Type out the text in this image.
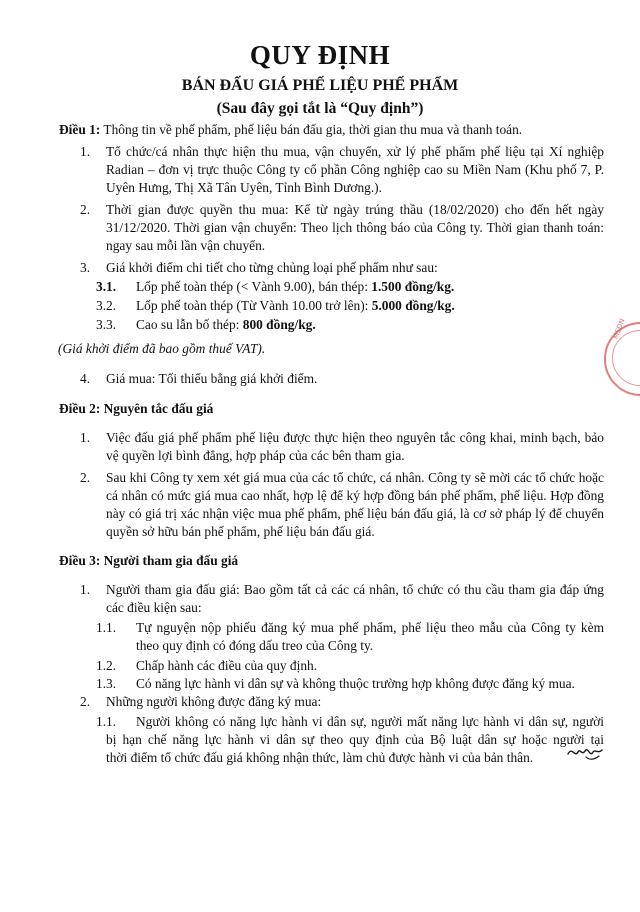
QUY ĐỊNH
BÁN ĐẤU GIÁ PHẾ LIỆU PHẾ PHẨM
(Sau đây gọi tắt là “Quy định”)
Điều 1: Thông tin về phế phẩm, phế liệu bán đấu gia, thời gian thu mua và thanh toán.
1. Tổ chức/cá nhân thực hiện thu mua, vận chuyển, xử lý phế phẩm phế liệu tại Xí nghiệp
Radian – đơn vị trực thuộc Công ty cổ phần Công nghiệp cao su Miền Nam (Khu phố 7, P.
Uyên Hưng, Thị Xã Tân Uyên, Tỉnh Bình Dương.).
2. Thời gian được quyền thu mua: Kể từ ngày trúng thầu (18/02/2020) cho đến hết ngày
31/12/2020. Thời gian vận chuyển: Theo lịch thông báo của Công ty. Thời gian thanh toán:
ngay sau mỗi lần vận chuyển.
3. Giá khởi điểm chi tiết cho từng chủng loại phế phẩm như sau:
3.1. Lốp phế toàn thép (< Vành 9.00), bán thép: 1.500 đồng/kg.
3.2. Lốp phế toàn thép (Từ Vành 10.00 trở lên): 5.000 đồng/kg.
3.3. Cao su lẫn bố thép: 800 đồng/kg.
(Giá khởi điểm đã bao gồm thuế VAT).
4. Giá mua: Tối thiểu bằng giá khởi điểm.
Điều 2: Nguyên tắc đấu giá
1. Việc đấu giá phế phẩm phế liệu được thực hiện theo nguyên tắc công khai, minh bạch, bảo
vệ quyền lợi bình đẳng, hợp pháp của các bên tham gia.
2. Sau khi Công ty xem xét giá mua của các tổ chức, cá nhân. Công ty sẽ mời các tổ chức hoặc
cá nhân có mức giá mua cao nhất, hợp lệ để ký hợp đồng bán phế phẩm, phế liệu. Hợp đồng
này có giá trị xác nhận việc mua phế phẩm, phế liệu bán đấu giá, là cơ sở pháp lý để chuyển
quyền sở hữu bán phế phẩm, phế liệu bán đấu giá.
Điều 3: Người tham gia đấu giá
1. Người tham gia đấu giá: Bao gồm tất cả các cá nhân, tổ chức có thu cầu tham gia đáp ứng
các điều kiện sau:
1.1. Tự nguyện nộp phiếu đăng ký mua phế phẩm, phế liệu theo mẫu của Công ty kèm
theo quy định có đóng dấu treo của Công ty.
1.2. Chấp hành các điều của quy định.
1.3. Có năng lực hành vi dân sự và không thuộc trường hợp không được đăng ký mua.
2. Những người không được đăng ký mua:
1.1. Người không có năng lực hành vi dân sự, người mất năng lực hành vi dân sự, người
bị hạn chế năng lực hành vi dân sự theo quy định của Bộ luật dân sự hoặc người tại
thời điểm tổ chức đấu giá không nhận thức, làm chủ được hành vi của bản thân.
MSDN
